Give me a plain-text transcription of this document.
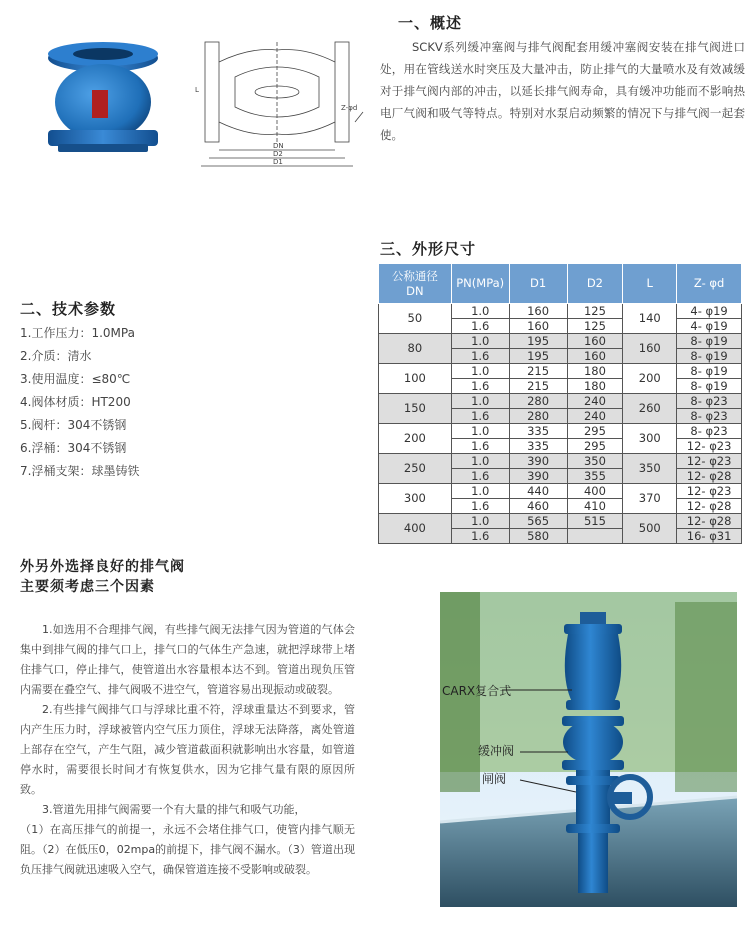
DN
D2
D1
L
Z-φd
一、概述

SCKV系列缓冲塞阀与排气阀配套用缓冲塞阀安装在排气阀进口处，用在管线送水时突压及大量冲击，防止排气的大量喷水及有效减缓对于排气阀内部的冲击，以延长排气阀寿命，具有缓冲功能而不影响热电厂气阀和吸气等特点。特别对水泵启动频繁的情况下与排气阀一起套使。

二、技术参数
1.工作压力：1.0MPa
2.介质：清水
3.使用温度：≤80℃
4.阀体材质：HT200
5.阀杆：304不锈钢
6.浮桶：304不锈钢
7.浮桶支架：球墨铸铁
三、外形尺寸
公称通径
DN	PN(MPa)	D1	D2	L	Z- φd
50	1.0	160	125	140	4- φ19
	1.6	160	125		4- φ19
80	1.0	195	160	160	8- φ19
	1.6	195	160		8- φ19
100	1.0	215	180	200	8- φ19
	1.6	215	180		8- φ19
150	1.0	280	240	260	8- φ23
	1.6	280	240		8- φ23
200	1.0	335	295	300	8- φ23
	1.6	335	295		12- φ23
250	1.0	390	350	350	12- φ23
	1.6	390	355		12- φ28
300	1.0	440	400	370	12- φ23
	1.6	460	410		12- φ28
400	1.0	565	515	500	12- φ28
	1.6	580			16- φ31
外另外选择良好的排气阀
主要须考虑三个因素

1.如选用不合理排气阀，有些排气阀无法排气因为管道的气体会集中到排气阀的排气口上，排气口的气体生产急速，就把浮球带上堵住排气口，停止排气，使管道出水容量根本达不到。管道出现负压管内需要在叠空气、排气阀吸不进空气，管道容易出现振动或破裂。

2.有些排气阀排气口与浮球比重不符，浮球重量达不到要求，管内产生压力时，浮球被管内空气压力顶住，浮球无法降落，离处管道上部存在空气，产生气阻，减少管道截面积就影响出水容量，如管道停水时，需要很长时间才有恢复供水，因为它排气量有限的原因所致。

3.管道先用排气阀需要一个有大量的排气和吸气功能，

（1）在高压排气的前提一，永远不会堵住排气口，使管内排气顺无阻。（2）在低压0，02mpa的前提下，排气阀不漏水。（3）管道出现负压排气阀就迅速吸入空气，确保管道连接不受影响或破裂。

CARX复合式
缓冲阀
闸阀
